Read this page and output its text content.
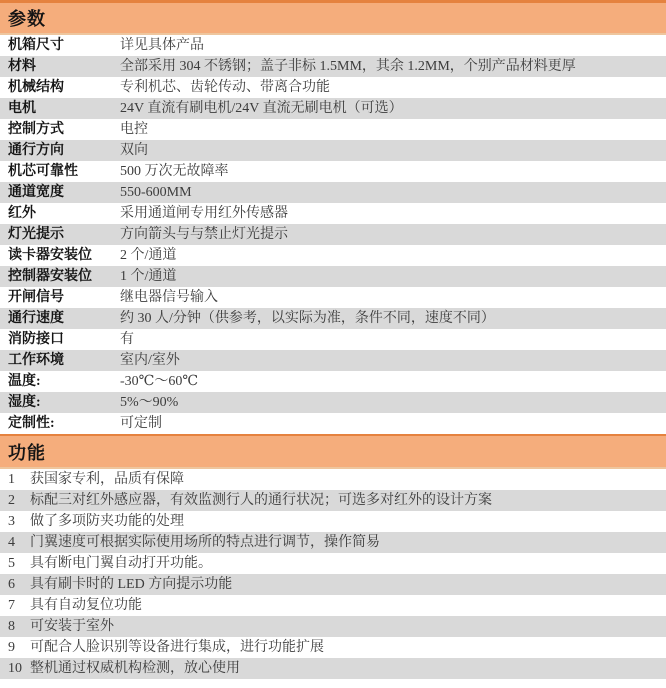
参数
机箱尺寸	详见具体产品
材料	全部采用 304 不锈钢；盖子非标 1.5MM，其余 1.2MM，个别产品材料更厚
机械结构	专利机芯、齿轮传动、带离合功能
电机	24V 直流有刷电机/24V 直流无刷电机（可选）
控制方式	电控
通行方向	双向
机芯可靠性	500 万次无故障率
通道宽度	550-600MM
红外	采用通道闸专用红外传感器
灯光提示	方向箭头与与禁止灯光提示
读卡器安装位	2 个/通道
控制器安装位	1 个/通道
开闸信号	继电器信号输入
通行速度	约 30 人/分钟（供参考，以实际为准，条件不同，速度不同）
消防接口	有
工作环境	室内/室外
温度:	-30℃～60℃
湿度:	5%～90%
定制性:	可定制
功能
1	获国家专利，品质有保障
2	标配三对红外感应器，有效监测行人的通行状况；可选多对红外的设计方案
3	做了多项防夹功能的处理
4	门翼速度可根据实际使用场所的特点进行调节，操作简易
5	具有断电门翼自动打开功能。
6	具有刷卡时的 LED 方向提示功能
7	具有自动复位功能
8	可安装于室外
9	可配合人脸识别等设备进行集成，进行功能扩展
10 整机通过权威机构检测，放心使用
